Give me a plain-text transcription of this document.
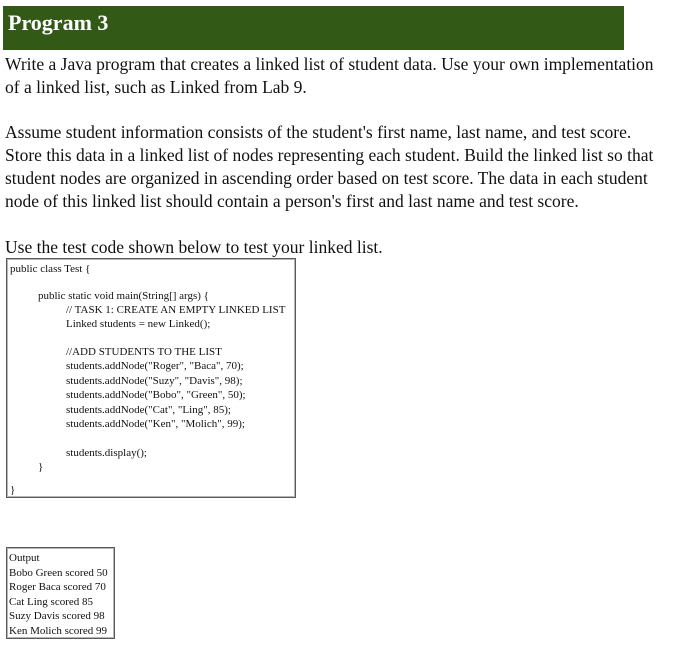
Program 3

Write a Java program that creates a linked list of student data. Use your own implementation
of a linked list, such as Linked from Lab 9.

Assume student information consists of the student's first name, last name, and test score.
Store this data in a linked list of nodes representing each student. Build the linked list so that
student nodes are organized in ascending order based on test score. The data in each student
node of this linked list should contain a person's first and last name and test score.

Use the test code shown below to test your linked list.

public class Test {
public static void main(String[] args) {
// TASK 1: CREATE AN EMPTY LINKED LIST
Linked students = new Linked();
//ADD STUDENTS TO THE LIST
students.addNode("Roger", "Baca", 70);
students.addNode("Suzy", "Davis", 98);
students.addNode("Bobo", "Green", 50);
students.addNode("Cat", "Ling", 85);
students.addNode("Ken", "Molich", 99);
students.display();
}
}
Output
Bobo Green scored 50
Roger Baca scored 70
Cat Ling scored 85
Suzy Davis scored 98
Ken Molich scored 99
